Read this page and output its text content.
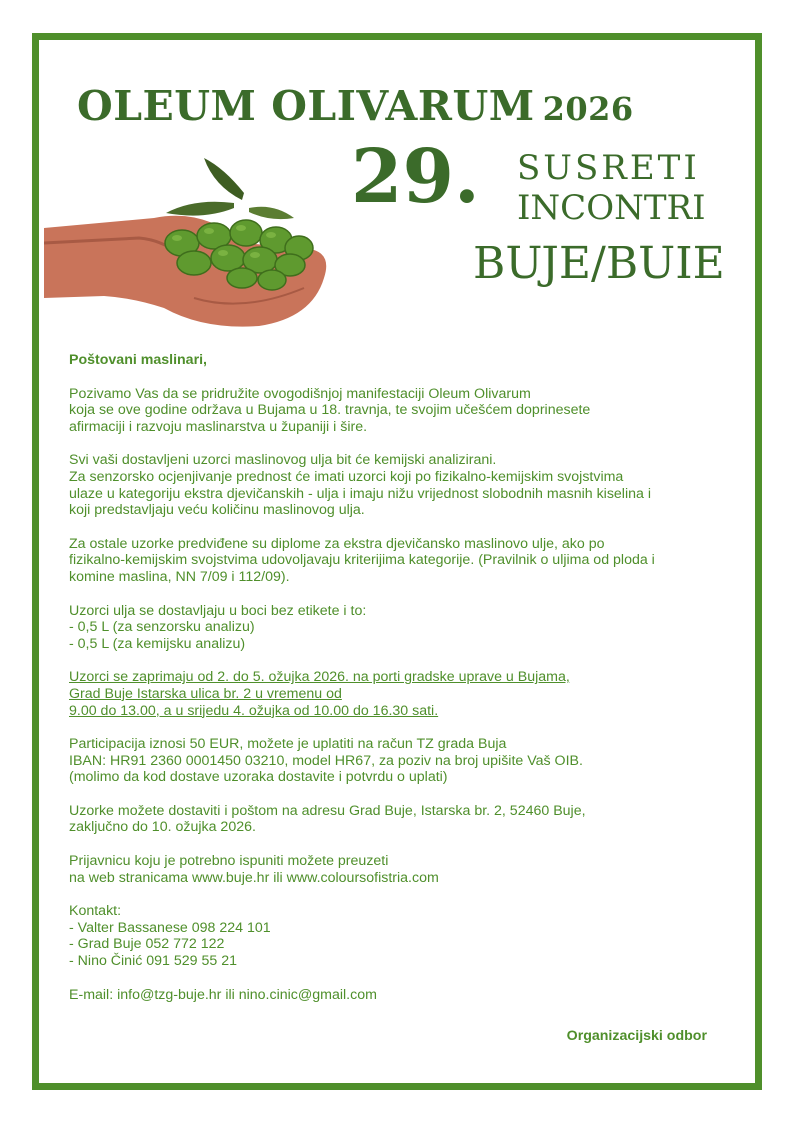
OLEUM OLIVARUM 2026
29. SUSRETI
INCONTRI
BUJE/BUIE

Poštovani maslinari,

Pozivamo Vas da se pridružite ovogodišnjoj manifestaciji Oleum Olivarum
koja se ove godine održava u Bujama u 18. travnja, te svojim učešćem doprinesete
afirmaciji i razvoju maslinarstva u županiji i šire.

Svi vaši dostavljeni uzorci maslinovog ulja bit će kemijski analizirani.
Za senzorsko ocjenjivanje prednost će imati uzorci koji po fizikalno-kemijskim svojstvima
ulaze u kategoriju ekstra djevičanskih - ulja i imaju nižu vrijednost slobodnih masnih kiselina i
koji predstavljaju veću količinu maslinovog ulja.

Za ostale uzorke predviđene su diplome za ekstra djevičansko maslinovo ulje, ako po
fizikalno-kemijskim svojstvima udovoljavaju kriterijima kategorije. (Pravilnik o uljima od ploda i
komine maslina, NN 7/09 i 112/09).

Uzorci ulja se dostavljaju u boci bez etikete i to:
- 0,5 L (za senzorsku analizu)
- 0,5 L (za kemijsku analizu)

Uzorci se zaprimaju od 2. do 5. ožujka 2026. na porti gradske uprave u Bujama,
Grad Buje Istarska ulica br. 2 u vremenu od
9.00 do 13.00, a u srijedu 4. ožujka od 10.00 do 16.30 sati.

Participacija iznosi 50 EUR, možete je uplatiti na račun TZ grada Buja
IBAN: HR91 2360 0001450 03210, model HR67, za poziv na broj upišite Vaš OIB.
(molimo da kod dostave uzoraka dostavite i potvrdu o uplati)

Uzorke možete dostaviti i poštom na adresu Grad Buje, Istarska br. 2, 52460 Buje,
zaključno do 10. ožujka 2026.

Prijavnicu koju je potrebno ispuniti možete preuzeti
na web stranicama www.buje.hr ili www.coloursofistria.com

Kontakt:
- Valter Bassanese 098 224 101
- Grad Buje 052 772 122
- Nino Činić 091 529 55 21

E-mail: info@tzg-buje.hr ili nino.cinic@gmail.com

Organizacijski odbor
